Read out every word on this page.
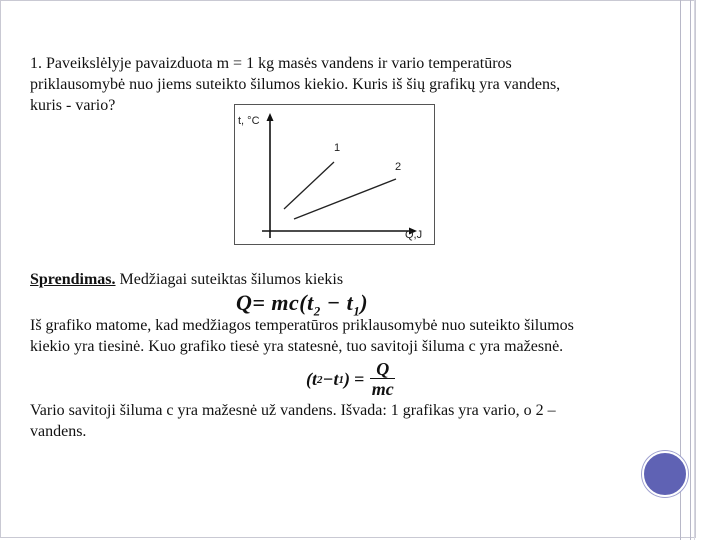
1. Paveikslėlyje pavaizduota m = 1 kg masės vandens ir vario temperatūros
priklausomybė nuo jiems suteikto šilumos kiekio. Kuris iš šių grafikų yra vandens,
kuris - vario?
t, °C
1
2
Q,J
Sprendimas. Medžiagai suteiktas šilumos kiekis
$Q= mc(t_2 - t_1)$
Iš grafiko matome, kad medžiagos temperatūros priklausomybė nuo suteikto šilumos
kiekio yra tiesinė. Kuo grafiko tiesė yra statesnė, tuo savitoji šiluma c yra mažesnė.
( t 2 − t 1 ) = $\frac{Q}{mc}$
Vario savitoji šiluma c yra mažesnė už vandens. Išvada: 1 grafikas yra vario, o 2 –
vandens.
